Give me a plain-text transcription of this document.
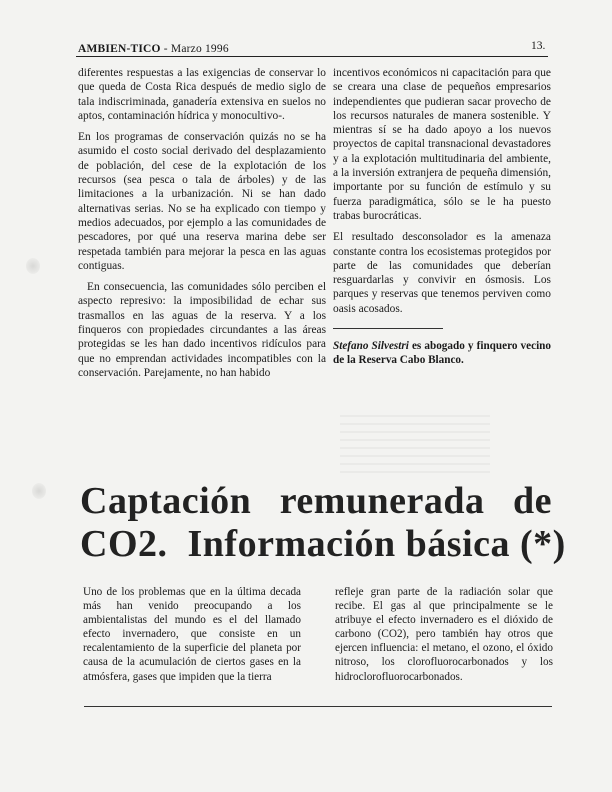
AMBIEN-TICO - Marzo 1996	13.

diferentes respuestas a las exigencias de conservar lo que queda de Costa Rica después de medio siglo de tala indiscriminada, ganadería extensiva en suelos no aptos, contaminación hídrica y monocultivo-.

En los programas de conservación quizás no se ha asumido el costo social derivado del desplazamiento de población, del cese de la explotación de los recursos (sea pesca o tala de árboles) y de las limitaciones a la urbanización. Ni se han dado alternativas serias. No se ha explicado con tiempo y medios adecuados, por ejemplo a las comunidades de pescadores, por qué una reserva marina debe ser respetada también para mejorar la pesca en las aguas contiguas.

En consecuencia, las comunidades sólo perciben el aspecto represivo: la imposibilidad de echar sus trasmallos en las aguas de la reserva. Y a los finqueros con propiedades circundantes a las áreas protegidas se les han dado incentivos ridículos para que no emprendan actividades incompatibles con la conservación. Parejamente, no han habido

incentivos económicos ni capacitación para que se creara una clase de pequeños empresarios independientes que pudieran sacar provecho de los recursos naturales de manera sostenible. Y mientras sí se ha dado apoyo a los nuevos proyectos de capital transnacional devastadores y a la explotación multitudinaria del ambiente, a la inversión extranjera de pequeña dimensión, importante por su función de estímulo y su fuerza paradigmática, sólo se le ha puesto trabas burocráticas.

El resultado desconsolador es la amenaza constante contra los ecosistemas protegidos por parte de las comunidades que deberían resguardarlas y convivir en ósmosis. Los parques y reservas que tenemos perviven como oasis acosados.

Stefano Silvestri es abogado y finquero vecino de la Reserva Cabo Blanco.
Captación remunerada de
CO2.  Información básica (*)

Uno de los problemas que en la última decada más han venido preocupando a los ambientalistas del mundo es el del llamado efecto invernadero, que consiste en un recalentamiento de la superficie del planeta por causa de la acumulación de ciertos gases en la atmósfera, gases que impiden que la tierra

refleje gran parte de la radiación solar que recibe. El gas al que principalmente se le atribuye el efecto invernadero es el dióxido de carbono (CO2), pero también hay otros que ejercen influencia: el metano, el ozono, el óxido nitroso, los clorofluorocarbonados y los hidroclorofluorocarbonados.
